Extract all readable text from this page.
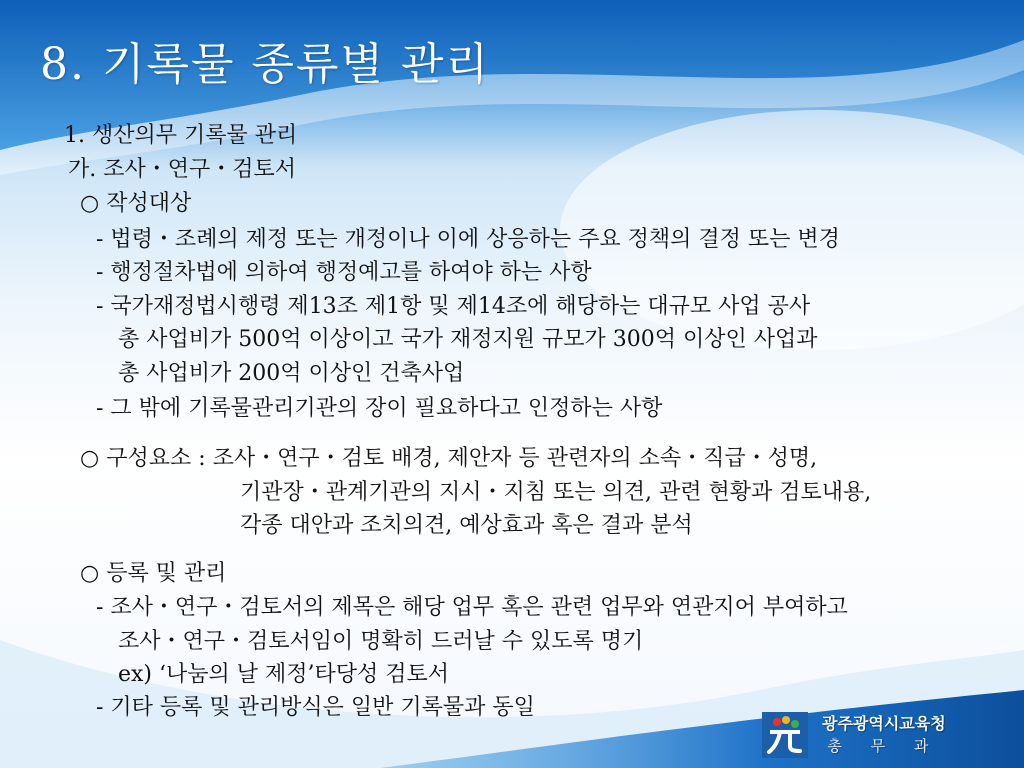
8. 기록물 종류별 관리
1. 생산의무 기록물 관리
가. 조사・연구・검토서
○ 작성대상
- 법령・조례의 제정 또는 개정이나 이에 상응하는 주요 정책의 결정 또는 변경
- 행정절차법에 의하여 행정예고를 하여야 하는 사항
- 국가재정법시행령 제13조 제1항 및 제14조에 해당하는 대규모 사업 공사
총 사업비가 500억 이상이고 국가 재정지원 규모가 300억 이상인 사업과
총 사업비가 200억 이상인 건축사업
- 그 밖에 기록물관리기관의 장이 필요하다고 인정하는 사항
○ 구성요소 : 조사・연구・검토 배경, 제안자 등 관련자의 소속・직급・성명,
기관장・관계기관의 지시・지침 또는 의견, 관련 현황과 검토내용,
각종 대안과 조치의견, 예상효과 혹은 결과 분석
○ 등록 및 관리
- 조사・연구・검토서의 제목은 해당 업무 혹은 관련 업무와 연관지어 부여하고
조사・연구・검토서임이 명확히 드러날 수 있도록 명기
ex) ‘나눔의 날 제정’타당성 검토서
- 기타 등록 및 관리방식은 일반 기록물과 동일
광주광역시교육청
총 무 과
